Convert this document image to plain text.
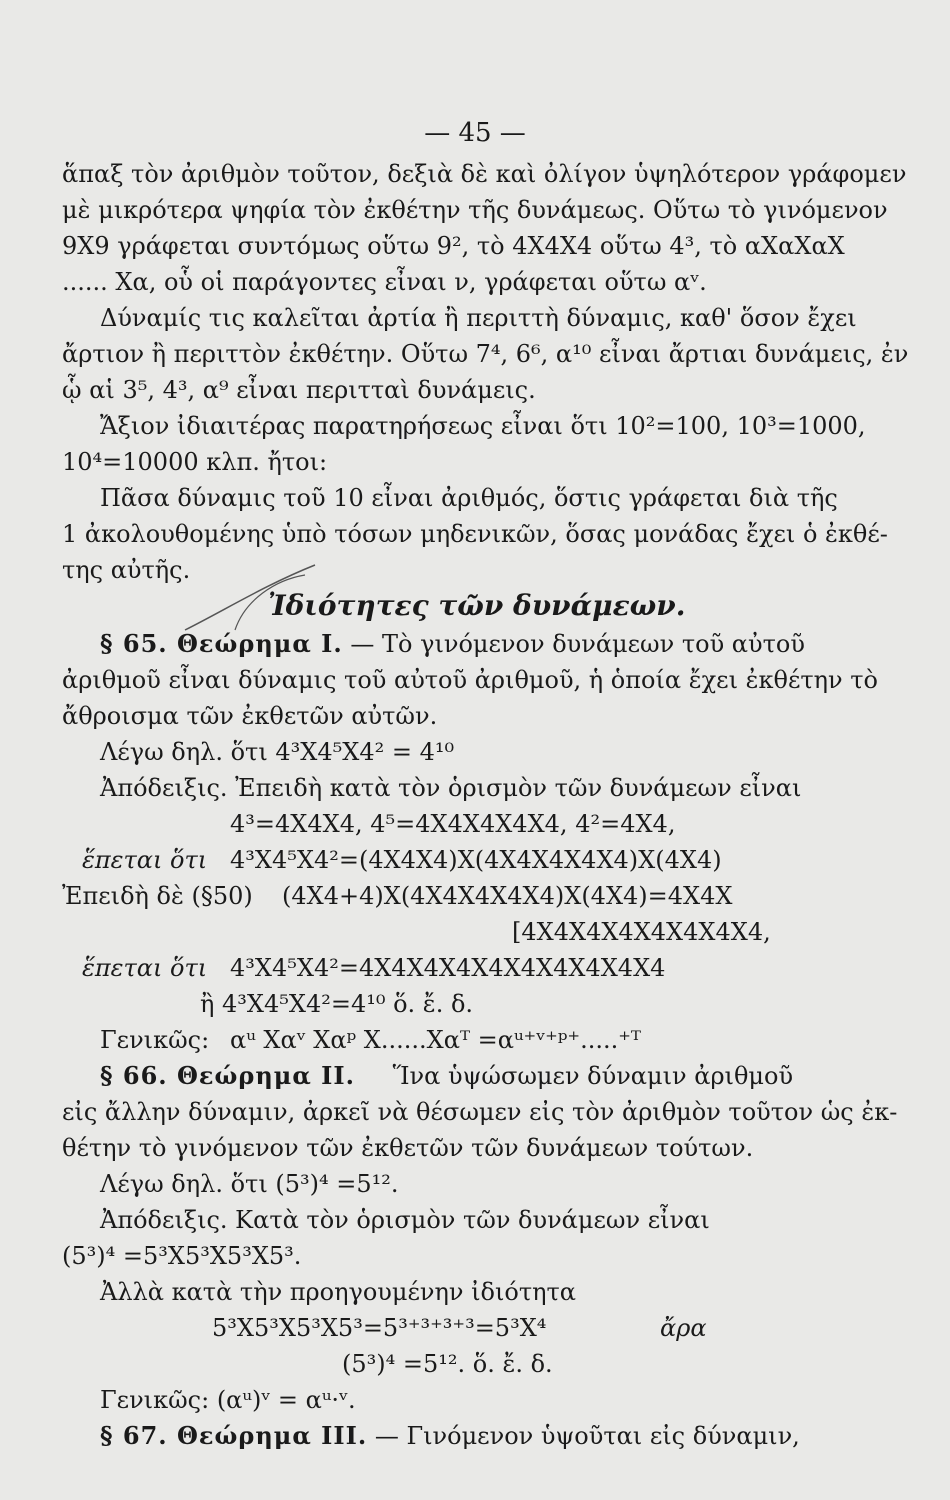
— 45 —
ἅπαξ τὸν ἀριθμὸν τοῦτον, δεξιὰ δὲ καὶ ὀλίγον ὑψηλότερον γράφομεν
μὲ μικρότερα ψηφία τὸν ἐκθέτην τῆς δυνάμεως. Οὕτω τὸ γινόμενον
9X9 γράφεται συντόμως οὕτω 9², τὸ 4X4X4 οὕτω 4³, τὸ αXαXαX
...... Xα, οὗ οἱ παράγοντες εἶναι ν, γράφεται οὕτω αᵛ.
Δύναμίς τις καλεῖται ἀρτία ἢ περιττὴ δύναμις, καθ' ὅσον ἔχει
ἄρτιον ἢ περιττὸν ἐκθέτην. Οὕτω 7⁴, 6⁶, α¹⁰ εἶναι ἄρτιαι δυνάμεις, ἐν
ᾧ αἱ 3⁵, 4³, α⁹ εἶναι περιτταὶ δυνάμεις.
Ἄξιον ἰδιαιτέρας παρατηρήσεως εἶναι ὅτι 10²=100, 10³=1000,
10⁴=10000 κλπ. ἤτοι:
Πᾶσα δύναμις τοῦ 10 εἶναι ἀριθμός, ὅστις γράφεται διὰ τῆς
1 ἀκολουθομένης ὑπὸ τόσων μηδενικῶν, ὅσας μονάδας ἔχει ὁ ἐκθέ-
της αὐτῆς.
Ἰδιότητες τῶν δυνάμεων.
§ 65. Θεώρημα I. — Τὸ γινόμενον δυνάμεων τοῦ αὐτοῦ
ἀριθμοῦ εἶναι δύναμις τοῦ αὐτοῦ ἀριθμοῦ, ἡ ὁποία ἔχει ἐκθέτην τὸ
ἄθροισμα τῶν ἐκθετῶν αὐτῶν.
Λέγω δηλ. ὅτι 4³X4⁵X4² = 4¹⁰
Ἀπόδειξις. Ἐπειδὴ κατὰ τὸν ὁρισμὸν τῶν δυνάμεων εἶναι
4³=4X4X4, 4⁵=4X4X4X4X4, 4²=4X4,
ἕπεται ὅτι 4³X4⁵X4²=(4X4X4)X(4X4X4X4X4)X(4X4)
Ἐπειδὴ δὲ (§50) (4X4+4)X(4X4X4X4X4)X(4X4)=4X4X
[4X4X4X4X4X4X4X4,
ἕπεται ὅτι 4³X4⁵X4²=4X4X4X4X4X4X4X4X4X4
ἢ 4³X4⁵X4²=4¹⁰ ὅ. ἔ. δ.
Γενικῶς: αᵘ Xαᵛ Xαᵖ X......Xαᵀ =αᵘ⁺ᵛ⁺ᵖ⁺.....⁺ᵀ
§ 66. Θεώρημα II. Ἵνα ὑψώσωμεν δύναμιν ἀριθμοῦ
εἰς ἄλλην δύναμιν, ἀρκεῖ νὰ θέσωμεν εἰς τὸν ἀριθμὸν τοῦτον ὡς ἐκ-
θέτην τὸ γινόμενον τῶν ἐκθετῶν τῶν δυνάμεων τούτων.
Λέγω δηλ. ὅτι (5³)⁴ =5¹².
Ἀπόδειξις. Κατὰ τὸν ὁρισμὸν τῶν δυνάμεων εἶναι
(5³)⁴ =5³X5³X5³X5³.
Ἀλλὰ κατὰ τὴν προηγουμένην ἰδιότητα
5³X5³X5³X5³=5³⁺³⁺³⁺³=5³X⁴	ἄρα
(5³)⁴ =5¹². ὅ. ἔ. δ.
Γενικῶς: (αᵘ)ᵛ = αᵘ·ᵛ.
§ 67. Θεώρημα III. — Γινόμενον ὑψοῦται εἰς δύναμιν,
